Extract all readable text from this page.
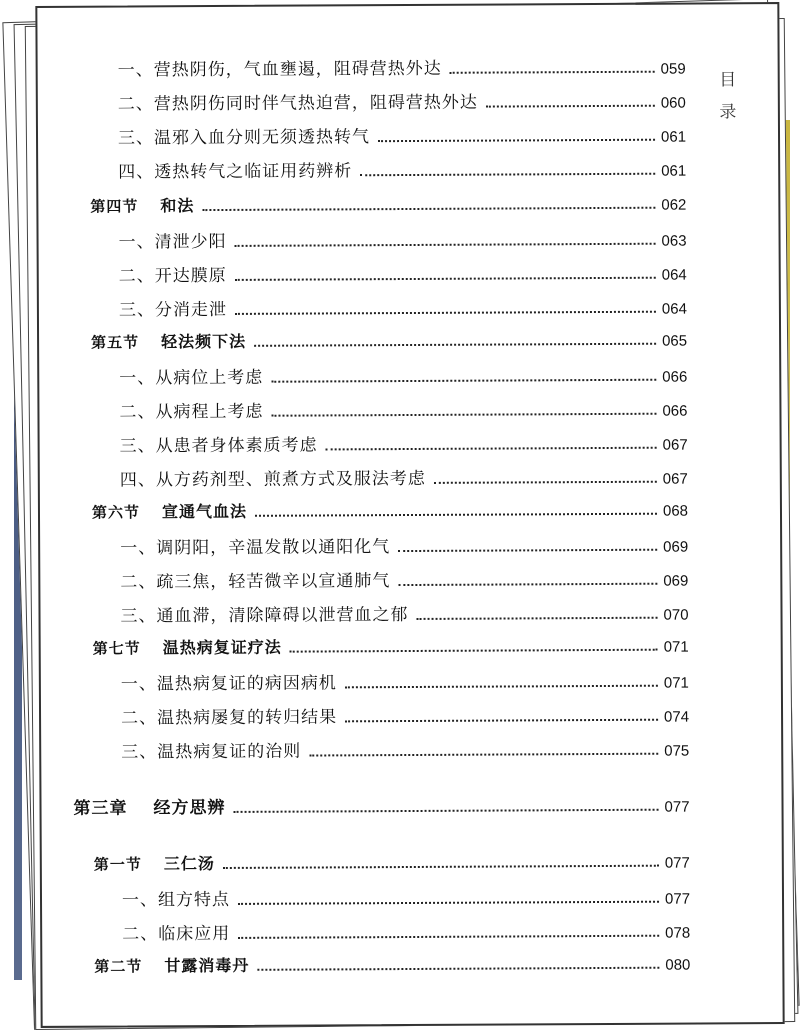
目
录
一、营热阴伤，气血壅遏，阻碍营热外达	059
二、营热阴伤同时伴气热迫营，阻碍营热外达	060
三、温邪入血分则无须透热转气	061
四、透热转气之临证用药辨析	061
第四节 和法	062
一、清泄少阳	063
二、开达膜原	064
三、分消走泄	064
第五节 轻法频下法	065
一、从病位上考虑	066
二、从病程上考虑	066
三、从患者身体素质考虑	067
四、从方药剂型、煎煮方式及服法考虑	067
第六节 宣通气血法	068
一、调阴阳，辛温发散以通阳化气	069
二、疏三焦，轻苦微辛以宣通肺气	069
三、通血滞，清除障碍以泄营血之郁	070
第七节 温热病复证疗法	071
一、温热病复证的病因病机	071
二、温热病屡复的转归结果	074
三、温热病复证的治则	075
第三章 经方思辨	077
第一节 三仁汤	077
一、组方特点	077
二、临床应用	078
第二节 甘露消毒丹	080
